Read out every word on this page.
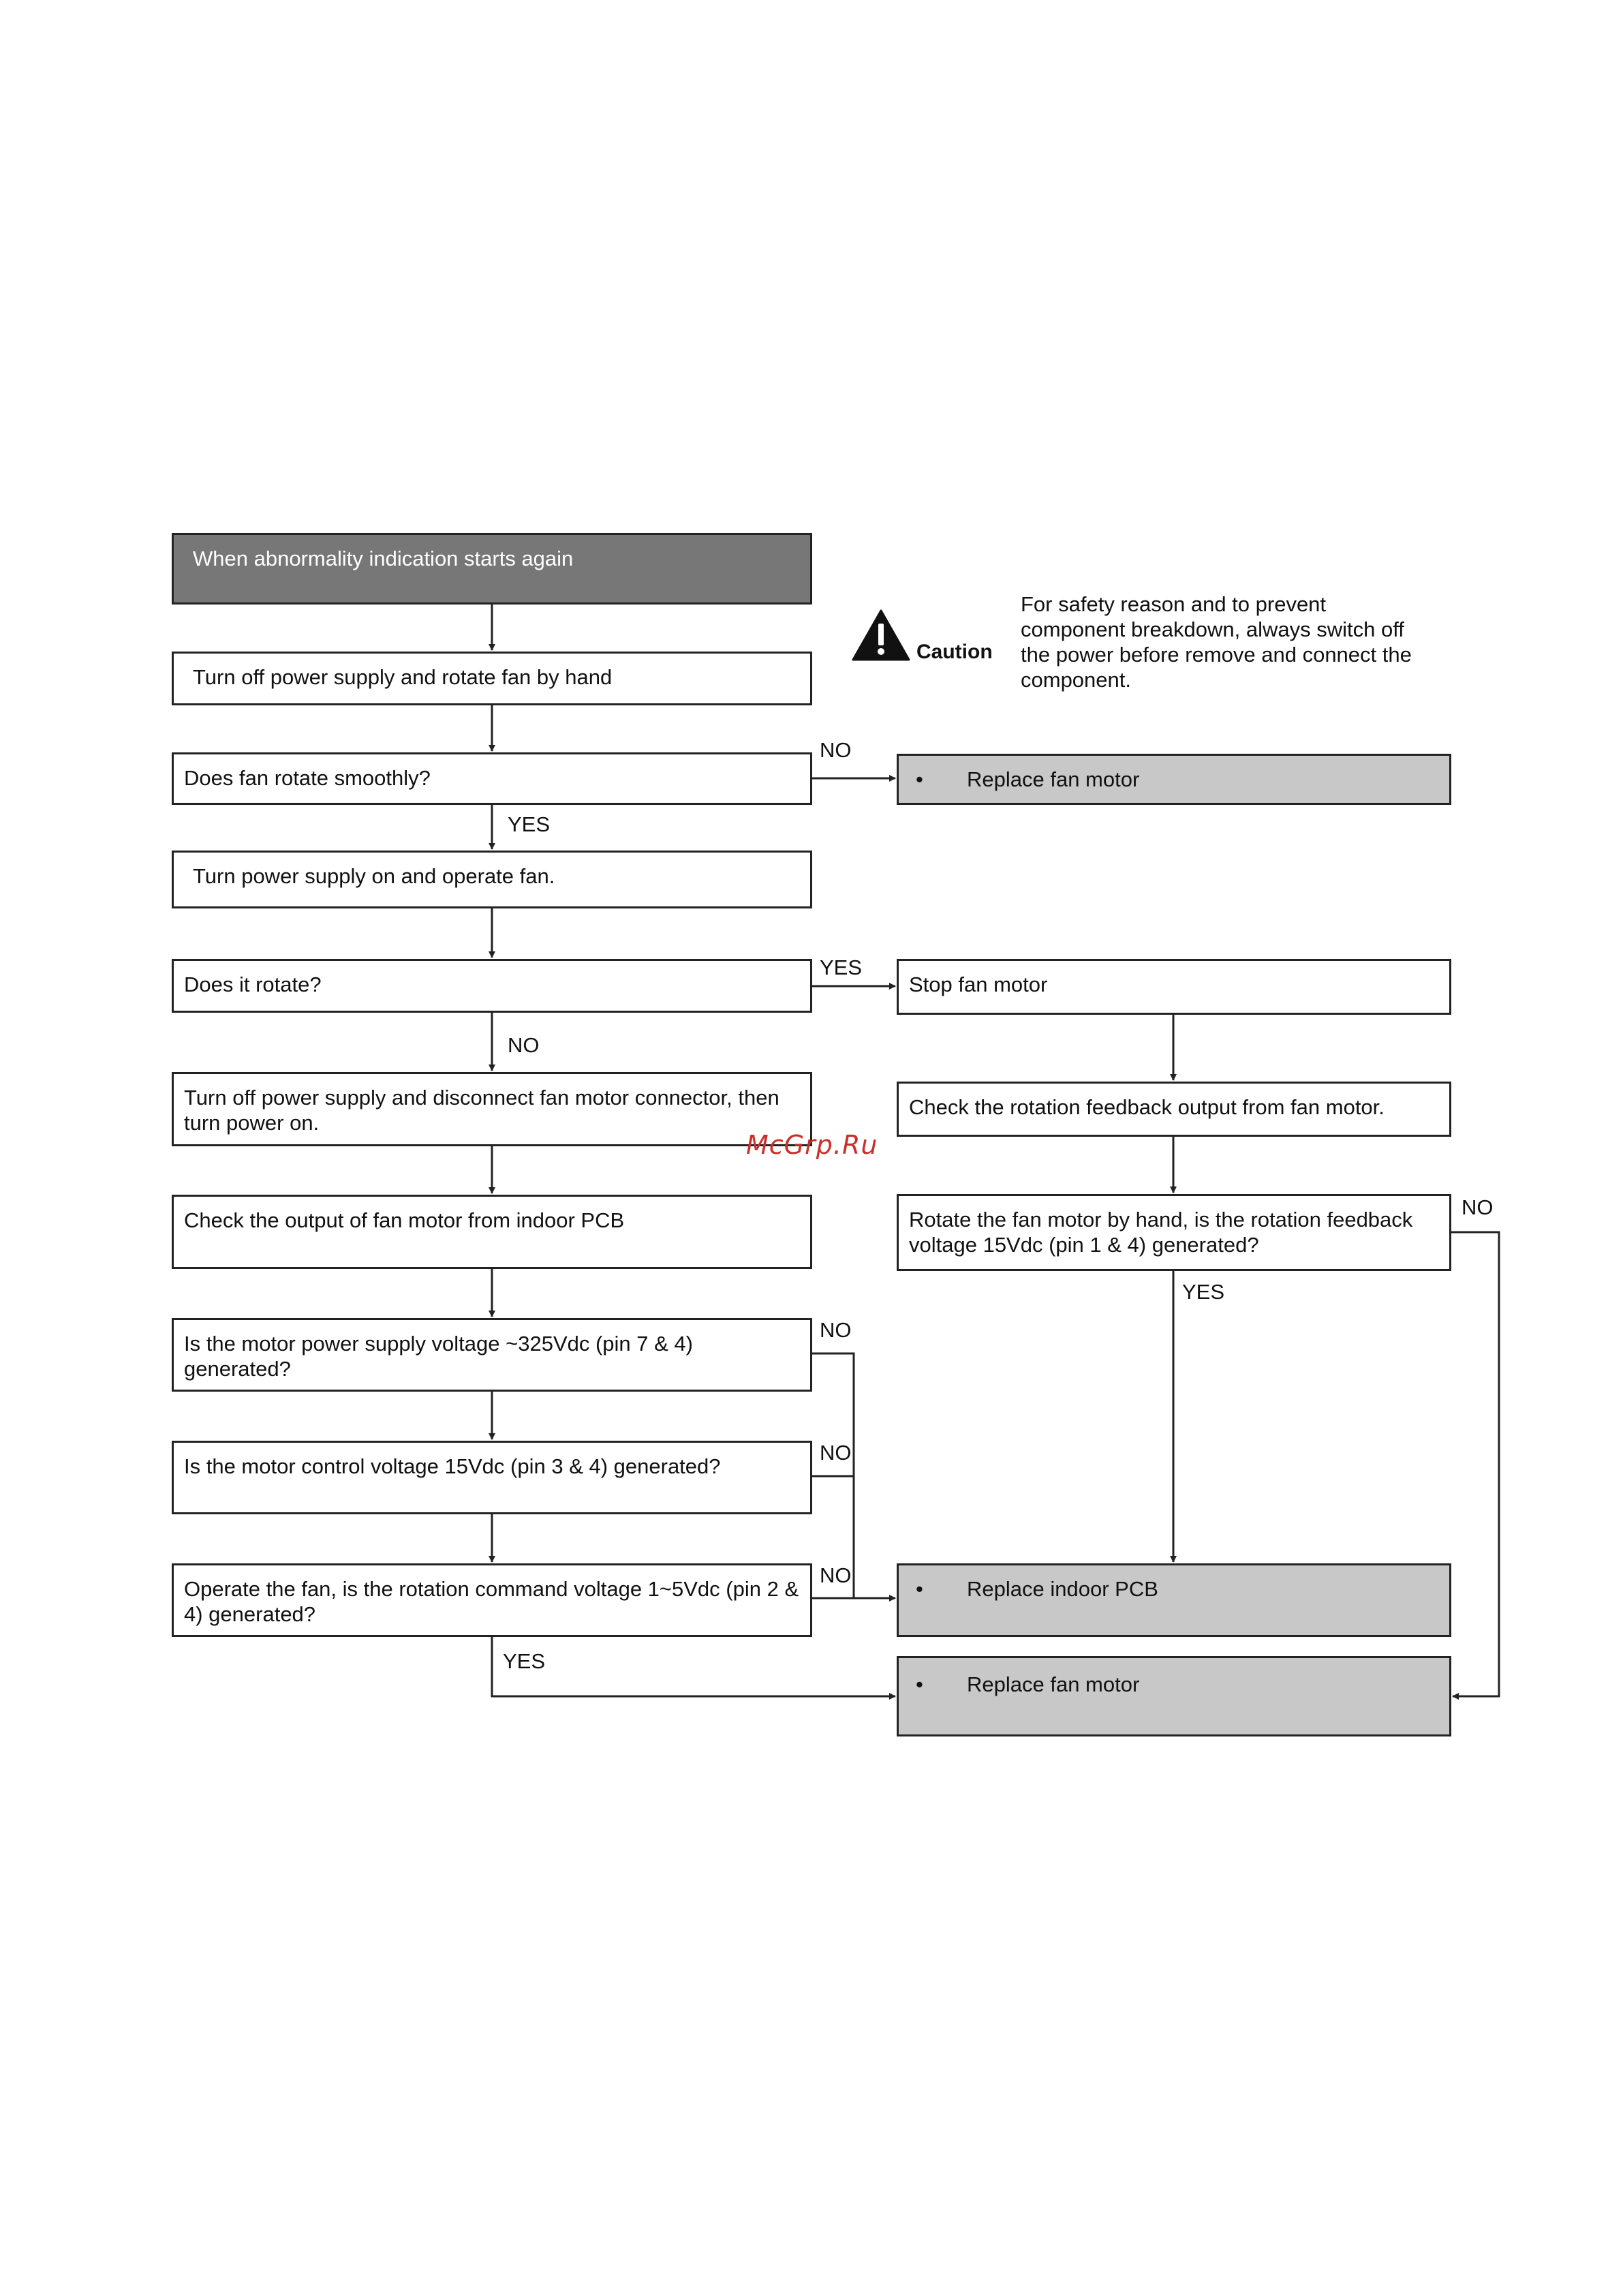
When abnormality indication starts again
Turn off power supply and rotate fan by hand
Does fan rotate smoothly?
Turn power supply on and operate fan.
Does it rotate?
Turn off power supply and disconnect fan motor connector, then turn power on.
Check the output of fan motor from indoor PCB
Is the motor power supply voltage ~325Vdc (pin 7 & 4) generated?
Is the motor control voltage 15Vdc (pin 3 & 4) generated?
Operate the fan, is the rotation command voltage 1~5Vdc (pin 2 & 4) generated?
•	Replace fan motor
Stop fan motor
Check the rotation feedback output from fan motor.
Rotate the fan motor by hand, is the rotation feedback voltage 15Vdc (pin 1 & 4) generated?
•	Replace indoor PCB
•	Replace fan motor
NO
YES
YES
NO
NO
YES
NO
NO
NO
YES
Caution
For safety reason and to prevent component breakdown, always switch off the power before remove and connect the component.
McGrp.Ru
